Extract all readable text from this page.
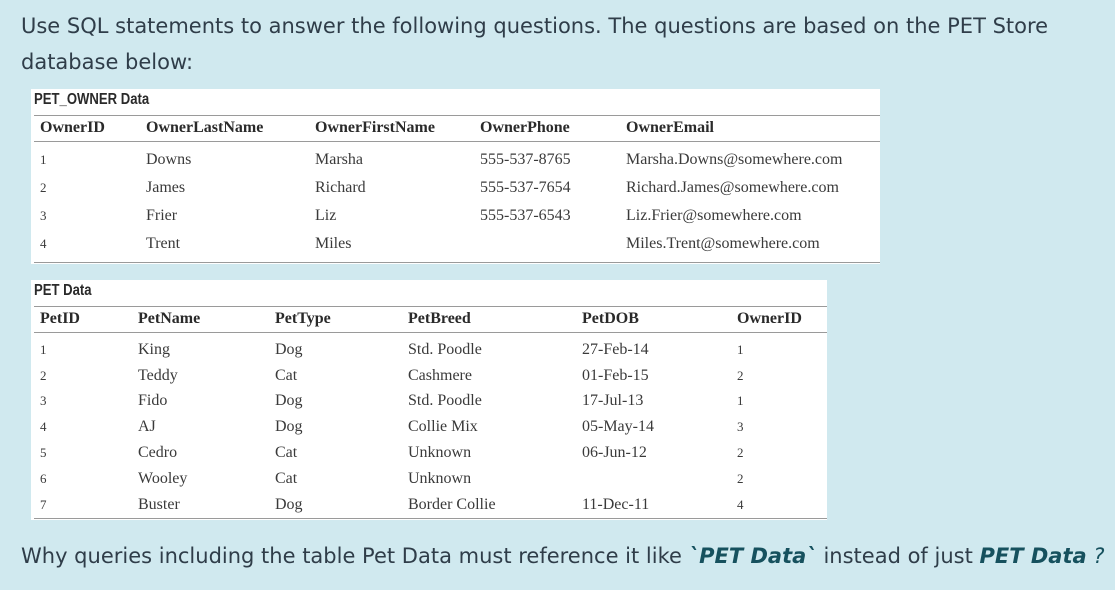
Use SQL statements to answer the following questions. The questions are based on the PET Store database below:

PET_OWNER Data
OwnerID	OwnerLastName	OwnerFirstName	OwnerPhone	OwnerEmail
1	Downs	Marsha	555-537-8765	Marsha.Downs@somewhere.com
2	James	Richard	555-537-7654	Richard.James@somewhere.com
3	Frier	Liz	555-537-6543	Liz.Frier@somewhere.com
4	Trent	Miles		Miles.Trent@somewhere.com
PET Data
PetID	PetName	PetType	PetBreed	PetDOB	OwnerID
1	King	Dog	Std. Poodle	27-Feb-14	1
2	Teddy	Cat	Cashmere	01-Feb-15	2
3	Fido	Dog	Std. Poodle	17-Jul-13	1
4	AJ	Dog	Collie Mix	05-May-14	3
5	Cedro	Cat	Unknown	06-Jun-12	2
6	Wooley	Cat	Unknown		2
7	Buster	Dog	Border Collie	11-Dec-11	4

Why queries including the table Pet Data must reference it like `PET Data` instead of just PET Data ?
